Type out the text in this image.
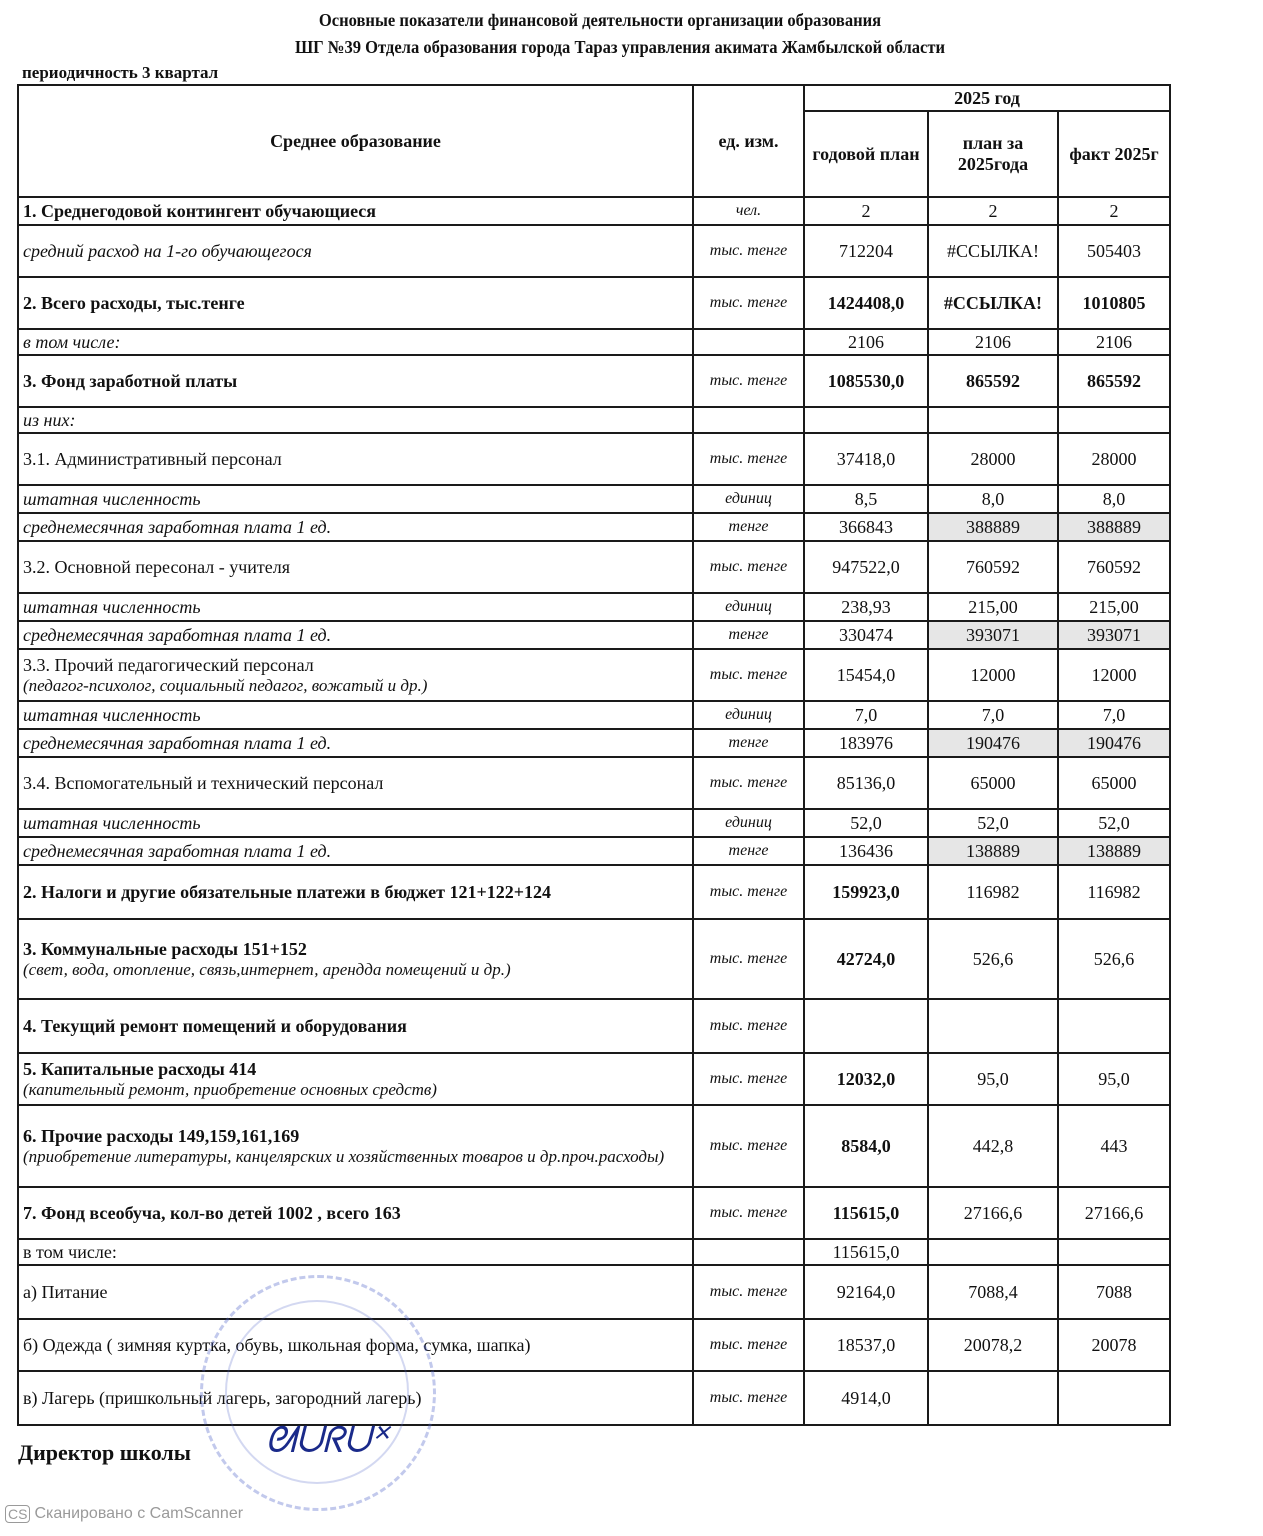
Основные показатели финансовой деятельности организации образования
ШГ №39 Отдела образования города Тараз управления акимата Жамбылской области
периодичность 3 квартал
Среднее образование	ед. изм.	2025 год		
		годовой план	план за 2025года	факт 2025г
1. Среднегодовой контингент обучающиеся	чел.	2	2	2
средний расход на 1-го обучающегося	тыс. тенге	712204	#ССЫЛКА!	505403
2. Всего расходы, тыс.тенге	тыс. тенге	1424408,0	#ССЫЛКА!	1010805
в том числе:		2106	2106	2106
3. Фонд заработной платы	тыс. тенге	1085530,0	865592	865592
из них:				
3.1. Административный персонал	тыс. тенге	37418,0	28000	28000
штатная численность	единиц	8,5	8,0	8,0
среднемесячная заработная плата 1 ед.	тенге	366843	388889	388889
3.2. Основной пересонал - учителя	тыс. тенге	947522,0	760592	760592
штатная численность	единиц	238,93	215,00	215,00
среднемесячная заработная плата 1 ед.	тенге	330474	393071	393071
3.3. Прочий педагогический персонал
(педагог-психолог, социальный педагог, вожатый и др.)	тыс. тенге	15454,0	12000	12000
штатная численность	единиц	7,0	7,0	7,0
среднемесячная заработная плата 1 ед.	тенге	183976	190476	190476
3.4. Вспомогательный и технический персонал	тыс. тенге	85136,0	65000	65000
штатная численность	единиц	52,0	52,0	52,0
среднемесячная заработная плата 1 ед.	тенге	136436	138889	138889
2. Налоги и другие обязательные платежи в бюджет 121+122+124	тыс. тенге	159923,0	116982	116982
3. Коммунальные расходы 151+152
(свет, вода, отопление, связь,интернет, арендда помещений и др.)	тыс. тенге	42724,0	526,6	526,6
4. Текущий ремонт помещений и оборудования	тыс. тенге			
5. Капитальные расходы 414
(капительный ремонт, приобретение основных средств)	тыс. тенге	12032,0	95,0	95,0
6. Прочие расходы 149,159,161,169
(приобретение литературы, канцелярских и хозяйственных товаров и др.проч.расходы)	тыс. тенге	8584,0	442,8	443
7. Фонд всеобуча, кол-во детей 1002 , всего 163	тыс. тенге	115615,0	27166,6	27166,6
в том числе:		115615,0		
а) Питание	тыс. тенге	92164,0	7088,4	7088
б) Одежда ( зимняя куртка, обувь, школьная форма, сумка, шапка)	тыс. тенге	18537,0	20078,2	20078
в) Лагерь (пришкольный лагерь, загородний лагерь)	тыс. тенге	4914,0		
Директор школы ᘛᑌᖇᑌᕁ
CS Сканировано с CamScanner
